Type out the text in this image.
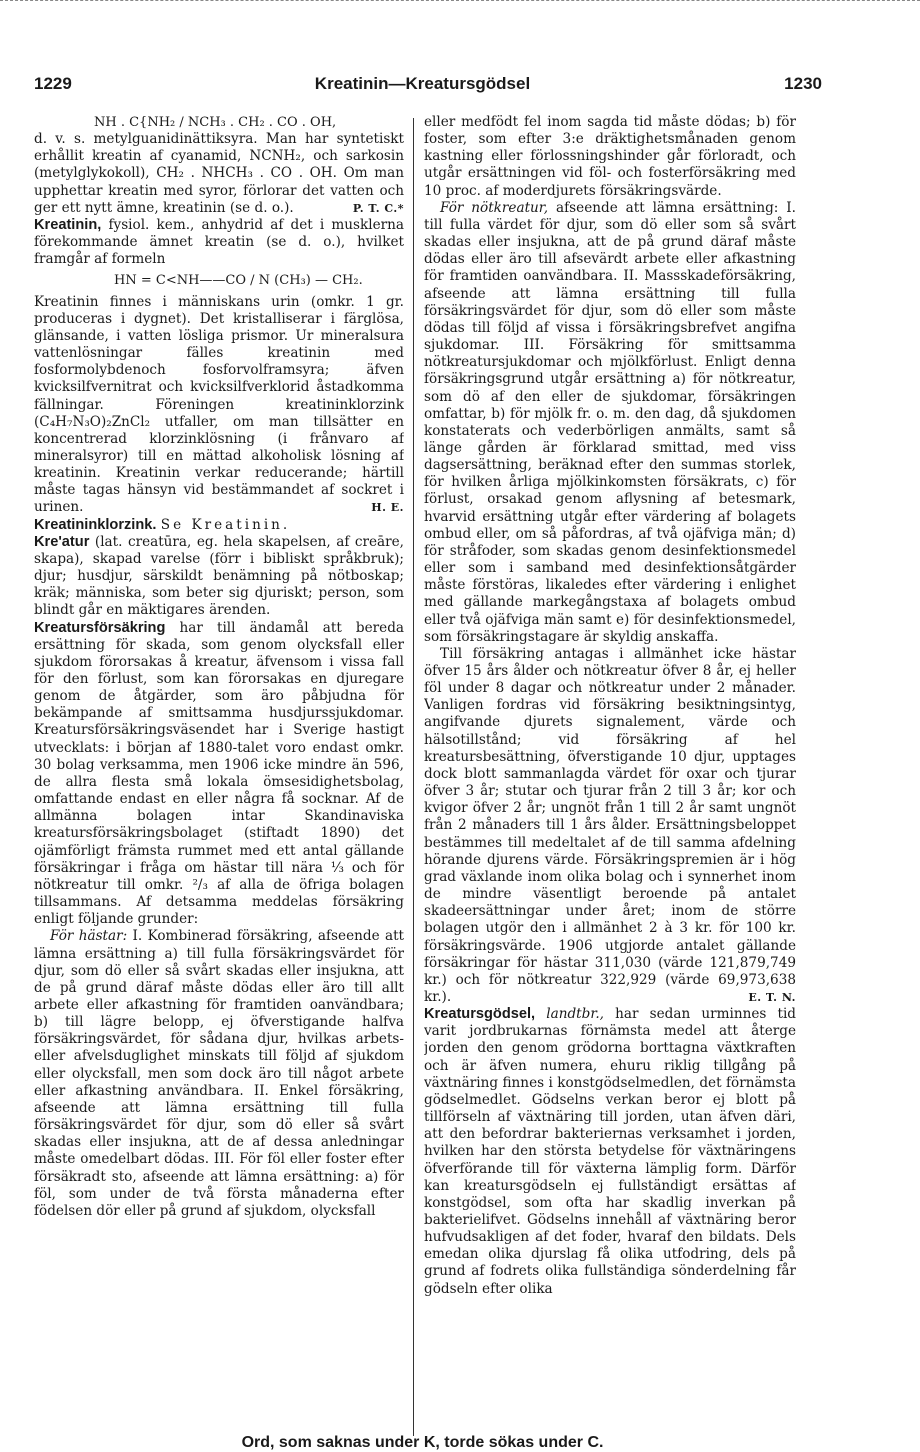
1229	Kreatinin—Kreatursgödsel	1230

NH . C{NH₂ / NCH₃ . CH₂ . CO . OH,

d. v. s. metylguanidinättiksyra. Man har syntetiskt erhållit kreatin af cyanamid, NCNH₂, och sarkosin (metylglykokoll), CH₂ . NHCH₃ . CO . OH. Om man upphettar kreatin med syror, förlorar det vatten och ger ett nytt ämne, kreatinin (se d. o.).	P. T. C.*

Kreatinin, fysiol. kem., anhydrid af det i musklerna förekommande ämnet kreatin (se d. o.), hvilket framgår af formeln

HN = C<NH——CO / N (CH₃) — CH₂.

Kreatinin finnes i människans urin (omkr. 1 gr. produceras i dygnet). Det kristalliserar i färglösa, glänsande, i vatten lösliga prismor. Ur mineralsura vattenlösningar fälles kreatinin med fosformolybdenoch fosforvolframsyra; äfven kvicksilfvernitrat och kvicksilfverklorid åstadkomma fällningar. Föreningen kreatininklorzink (C₄H₇N₃O)₂ZnCl₂ utfaller, om man tillsätter en koncentrerad klorzinklösning (i frånvaro af mineralsyror) till en mättad alkoholisk lösning af kreatinin. Kreatinin verkar reducerande; härtill måste tagas hänsyn vid bestämmandet af sockret i urinen.	H. E.

Kreatininklorzink. Se Kreatinin.

Kre'atur (lat. creatūra, eg. hela skapelsen, af creāre, skapa), skapad varelse (förr i bibliskt språkbruk); djur; husdjur, särskildt benämning på nötboskap; kräk; människa, som beter sig djuriskt; person, som blindt går en mäktigares ärenden.

Kreatursförsäkring har till ändamål att bereda ersättning för skada, som genom olycksfall eller sjukdom förorsakas å kreatur, äfvensom i vissa fall för den förlust, som kan förorsakas en djuregare genom de åtgärder, som äro påbjudna för bekämpande af smittsamma husdjurssjukdomar. Kreatursförsäkringsväsendet har i Sverige hastigt utvecklats: i början af 1880-talet voro endast omkr. 30 bolag verksamma, men 1906 icke mindre än 596, de allra flesta små lokala ömsesidighetsbolag, omfattande endast en eller några få socknar. Af de allmänna bolagen intar Skandinaviska kreatursförsäkringsbolaget (stiftadt 1890) det ojämförligt främsta rummet med ett antal gällande försäkringar i fråga om hästar till nära ⅟₃ och för nötkreatur till omkr. ²/₃ af alla de öfriga bolagen tillsammans. Af detsamma meddelas försäkring enligt följande grunder:

För hästar: I. Kombinerad försäkring, afseende att lämna ersättning a) till fulla försäkringsvärdet för djur, som dö eller så svårt skadas eller insjukna, att de på grund däraf måste dödas eller äro till allt arbete eller afkastning för framtiden oanvändbara; b) till lägre belopp, ej öfverstigande halfva försäkringsvärdet, för sådana djur, hvilkas arbets- eller afvelsduglighet minskats till följd af sjukdom eller olycksfall, men som dock äro till något arbete eller afkastning användbara. II. Enkel försäkring, afseende att lämna ersättning till fulla försäkringsvärdet för djur, som dö eller så svårt skadas eller insjukna, att de af dessa anledningar måste omedelbart dödas. III. För föl eller foster efter försäkradt sto, afseende att lämna ersättning: a) för föl, som under de två första månaderna efter födelsen dör eller på grund af sjukdom, olycksfall

eller medfödt fel inom sagda tid måste dödas; b) för foster, som efter 3:e dräktighetsmånaden genom kastning eller förlossningshinder går förloradt, och utgår ersättningen vid föl- och fosterförsäkring med 10 proc. af moderdjurets försäkringsvärde.

För nötkreatur, afseende att lämna ersättning: I. till fulla värdet för djur, som dö eller som så svårt skadas eller insjukna, att de på grund däraf måste dödas eller äro till afsevärdt arbete eller afkastning för framtiden oanvändbara. II. Massskadeförsäkring, afseende att lämna ersättning till fulla försäkringsvärdet för djur, som dö eller som måste dödas till följd af vissa i försäkringsbrefvet angifna sjukdomar. III. Försäkring för smittsamma nötkreatursjukdomar och mjölkförlust. Enligt denna försäkringsgrund utgår ersättning a) för nötkreatur, som dö af den eller de sjukdomar, försäkringen omfattar, b) för mjölk fr. o. m. den dag, då sjukdomen konstaterats och vederbörligen anmälts, samt så länge gården är förklarad smittad, med viss dagsersättning, beräknad efter den summas storlek, för hvilken årliga mjölkinkomsten försäkrats, c) för förlust, orsakad genom aflysning af betesmark, hvarvid ersättning utgår efter värdering af bolagets ombud eller, om så påfordras, af två ojäfviga män; d) för stråfoder, som skadas genom desinfektionsmedel eller som i samband med desinfektionsåtgärder måste förstöras, likaledes efter värdering i enlighet med gällande markegångstaxa af bolagets ombud eller två ojäfviga män samt e) för desinfektionsmedel, som försäkringstagare är skyldig anskaffa.

Till försäkring antagas i allmänhet icke hästar öfver 15 års ålder och nötkreatur öfver 8 år, ej heller föl under 8 dagar och nötkreatur under 2 månader. Vanligen fordras vid försäkring besiktningsintyg, angifvande djurets signalement, värde och hälsotillstånd; vid försäkring af hel kreatursbesättning, öfverstigande 10 djur, upptages dock blott sammanlagda värdet för oxar och tjurar öfver 3 år; stutar och tjurar från 2 till 3 år; kor och kvigor öfver 2 år; ungnöt från 1 till 2 år samt ungnöt från 2 månaders till 1 års ålder. Ersättningsbeloppet bestämmes till medeltalet af de till samma afdelning hörande djurens värde. Försäkringspremien är i hög grad växlande inom olika bolag och i synnerhet inom de mindre väsentligt beroende på antalet skadeersättningar under året; inom de större bolagen utgör den i allmänhet 2 à 3 kr. för 100 kr. försäkringsvärde. 1906 utgjorde antalet gällande försäkringar för hästar 311,030 (värde 121,879,749 kr.) och för nötkreatur 322,929 (värde 69,973,638 kr.).	E. T. N.

Kreatursgödsel, landtbr., har sedan urminnes tid varit jordbrukarnas förnämsta medel att återge jorden den genom grödorna borttagna växtkraften och är äfven numera, ehuru riklig tillgång på växtnäring finnes i konstgödselmedlen, det förnämsta gödselmedlet. Gödselns verkan beror ej blott på tillförseln af växtnäring till jorden, utan äfven däri, att den befordrar bakteriernas verksamhet i jorden, hvilken har den största betydelse för växtnäringens öfverförande till för växterna lämplig form. Därför kan kreatursgödseln ej fullständigt ersättas af konstgödsel, som ofta har skadlig inverkan på bakterielifvet. Gödselns innehåll af växtnäring beror hufvudsakligen af det foder, hvaraf den bildats. Dels emedan olika djurslag få olika utfodring, dels på grund af fodrets olika fullständiga sönderdelning får gödseln efter olika

Ord, som saknas under K, torde sökas under C.
